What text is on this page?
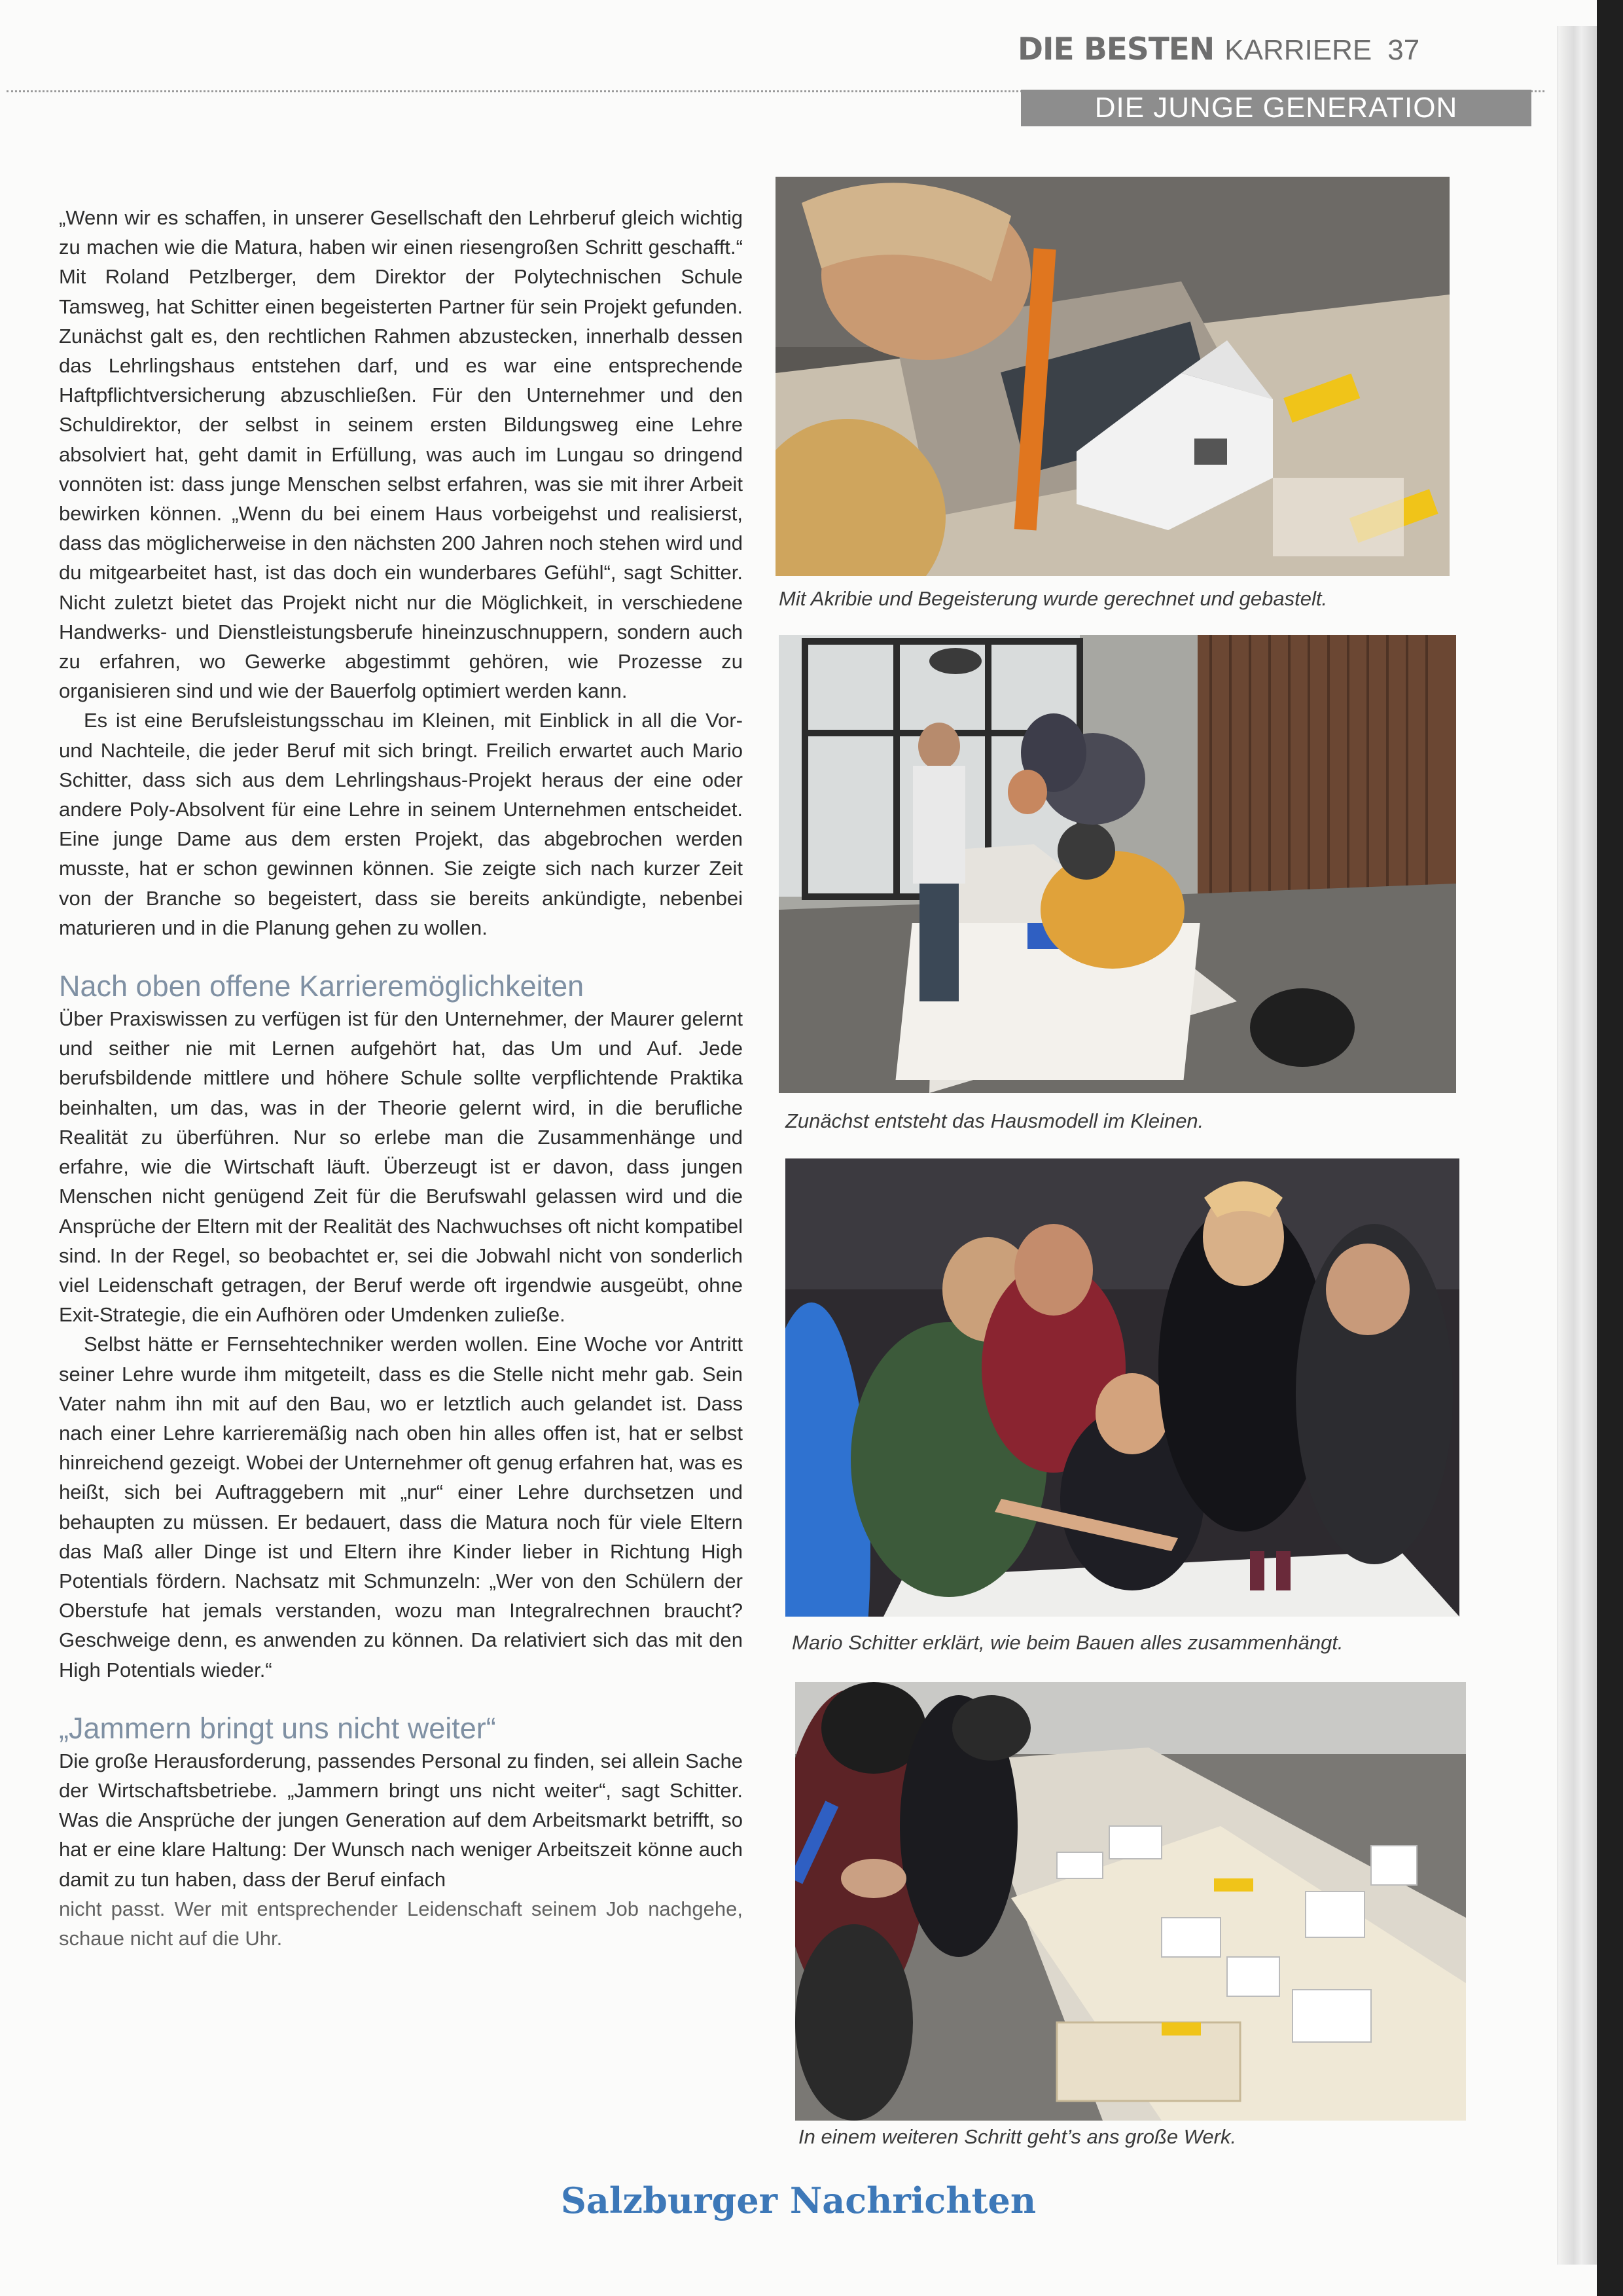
DIE BESTEN KARRIERE 37
DIE JUNGE GENERATION

„Wenn wir es schaffen, in unserer Gesellschaft den Lehrberuf gleich wichtig zu machen wie die Matura, haben wir einen riesengroßen Schritt geschafft.“ Mit Roland Petzlberger, dem Direktor der Polytechnischen Schule Tamsweg, hat Schitter einen begeisterten Partner für sein Projekt gefunden. Zunächst galt es, den rechtlichen Rahmen abzustecken, innerhalb dessen das Lehrlingshaus entstehen darf, und es war eine entsprechende Haftpflichtversicherung abzuschließen. Für den Unternehmer und den Schuldirektor, der selbst in seinem ersten Bildungsweg eine Lehre absolviert hat, geht damit in Erfüllung, was auch im Lungau so dringend vonnöten ist: dass junge Menschen selbst erfahren, was sie mit ihrer Arbeit bewirken können. „Wenn du bei einem Haus vorbeigehst und realisierst, dass das möglicherweise in den nächsten 200 Jahren noch stehen wird und du mitgearbeitet hast, ist das doch ein wunderbares Gefühl“, sagt Schitter. Nicht zuletzt bietet das Projekt nicht nur die Möglichkeit, in verschiedene Handwerks- und Dienstleistungsberufe hineinzuschnuppern, sondern auch zu erfahren, wo Gewerke abgestimmt gehören, wie Prozesse zu organisieren sind und wie der Bauerfolg optimiert werden kann.

Es ist eine Berufsleistungsschau im Kleinen, mit Einblick in all die Vor- und Nachteile, die jeder Beruf mit sich bringt. Freilich erwartet auch Mario Schitter, dass sich aus dem Lehrlingshaus-Projekt heraus der eine oder andere Poly-Absolvent für eine Lehre in seinem Unternehmen entscheidet. Eine junge Dame aus dem ersten Projekt, das abgebrochen werden musste, hat er schon gewinnen können. Sie zeigte sich nach kurzer Zeit von der Branche so begeistert, dass sie bereits ankündigte, nebenbei maturieren und in die Planung gehen zu wollen.

Nach oben offene Karrieremöglichkeiten

Über Praxiswissen zu verfügen ist für den Unternehmer, der Maurer gelernt und seither nie mit Lernen aufgehört hat, das Um und Auf. Jede berufsbildende mittlere und höhere Schule sollte verpflichtende Praktika beinhalten, um das, was in der Theorie gelernt wird, in die berufliche Realität zu überführen. Nur so erlebe man die Zusammenhänge und erfahre, wie die Wirtschaft läuft. Überzeugt ist er davon, dass jungen Menschen nicht genügend Zeit für die Berufswahl gelassen wird und die Ansprüche der Eltern mit der Realität des Nachwuchses oft nicht kompatibel sind. In der Regel, so beobachtet er, sei die Jobwahl nicht von sonderlich viel Leidenschaft getragen, der Beruf werde oft irgendwie ausgeübt, ohne Exit-Strategie, die ein Aufhören oder Umdenken zuließe.

Selbst hätte er Fernsehtechniker werden wollen. Eine Woche vor Antritt seiner Lehre wurde ihm mitgeteilt, dass es die Stelle nicht mehr gab. Sein Vater nahm ihn mit auf den Bau, wo er letztlich auch gelandet ist. Dass nach einer Lehre karrieremäßig nach oben hin alles offen ist, hat er selbst hinreichend gezeigt. Wobei der Unternehmer oft genug erfahren hat, was es heißt, sich bei Auftraggebern mit „nur“ einer Lehre durchsetzen und behaupten zu müssen. Er bedauert, dass die Matura noch für viele Eltern das Maß aller Dinge ist und Eltern ihre Kinder lieber in Richtung High Potentials fördern. Nachsatz mit Schmunzeln: „Wer von den Schülern der Oberstufe hat jemals verstanden, wozu man Integralrechnen braucht? Geschweige denn, es anwenden zu können. Da relativiert sich das mit den High Potentials wieder.“

„Jammern bringt uns nicht weiter“

Die große Herausforderung, passendes Personal zu finden, sei allein Sache der Wirtschaftsbetriebe. „Jammern bringt uns nicht weiter“, sagt Schitter. Was die Ansprüche der jungen Generation auf dem Arbeitsmarkt betrifft, so hat er eine klare Haltung: Der Wunsch nach weniger Arbeitszeit könne auch damit zu tun haben, dass der Beruf einfach

nicht passt. Wer mit entsprechender Leidenschaft seinem Job nachgehe, schaue nicht auf die Uhr.

Mit Akribie und Begeisterung wurde gerechnet und gebastelt.
Zunächst entsteht das Hausmodell im Kleinen.
Mario Schitter erklärt, wie beim Bauen alles zusammenhängt.
In einem weiteren Schritt geht’s ans große Werk.
Salzburger Nachrichten
